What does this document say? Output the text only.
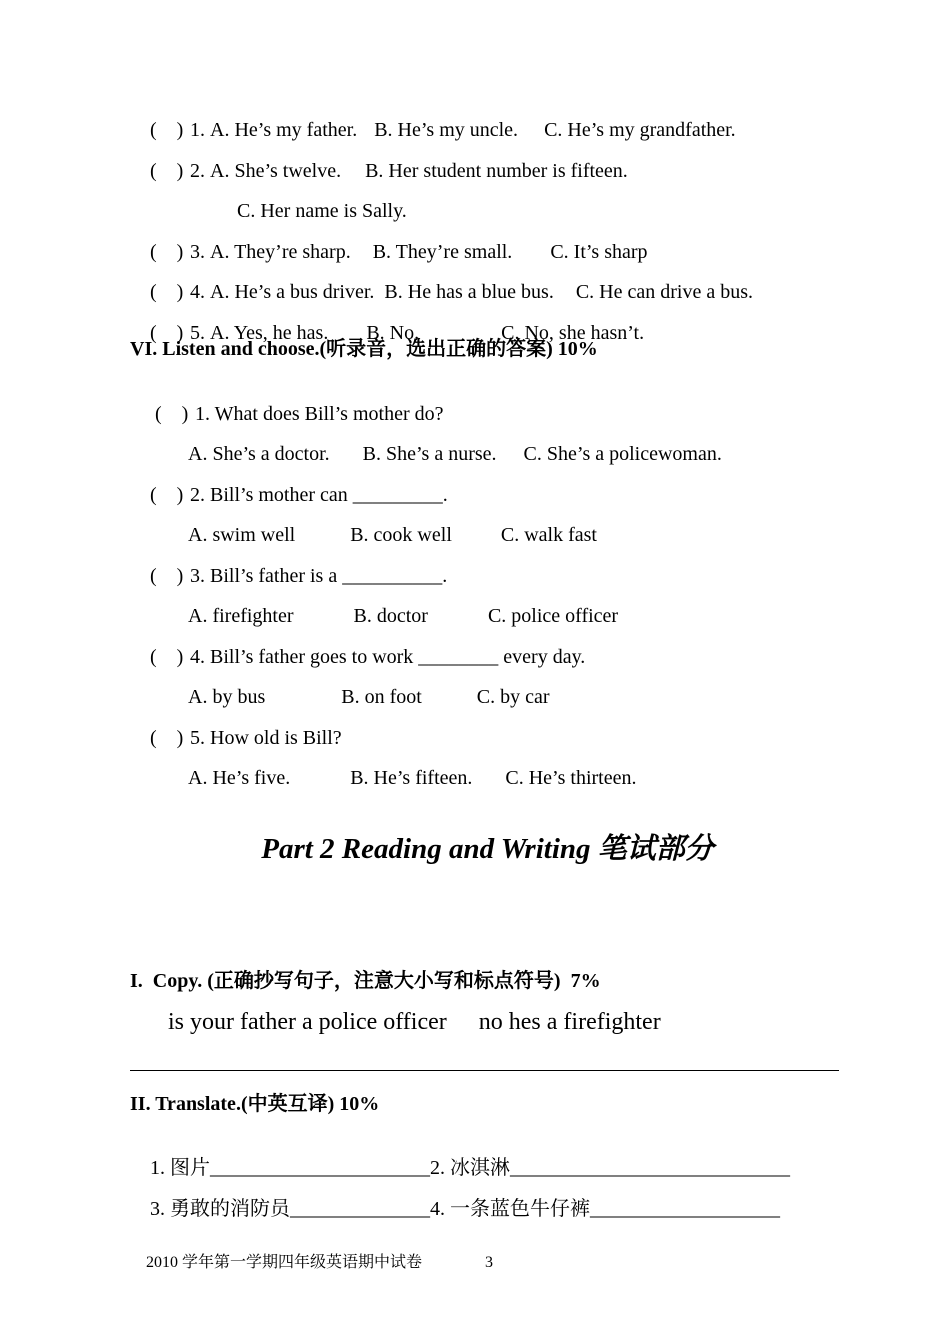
(    ) 1. A. He’s my father. B. He’s my uncle. C. He’s my grandfather.

(    ) 2. A. She’s twelve. B. Her student number is fifteen.

C. Her name is Sally.

(    ) 3. A. They’re sharp. B. They’re small. C. It’s sharp

(    ) 4. A. He’s a bus driver. B. He has a blue bus. C. He can drive a bus.

(    ) 5. A. Yes, he has. B. No.	C. No, she hasn’t.

VI. Listen and choose.(听录音，选出正确的答案) 10%

(    ) 1. What does Bill’s mother do?

A. She’s a doctor. B. She’s a nurse. C. She’s a policewoman.

(    ) 2. Bill’s mother can _________.

A. swim well	B. cook well C. walk fast

(    ) 3. Bill’s father is a __________.

A. firefighter	B. doctor	C. police officer

(    ) 4. Bill’s father goes to work ________ every day.

A. by bus	B. on foot	C. by car

(    ) 5. How old is Bill?

A. He’s five.	B. He’s fifteen. C. He’s thirteen.

Part 2 Reading and Writing 笔试部分
I.  Copy. (正确抄写句子，注意大小写和标点符号)  7%
is your father a police officer no hes a firefighter
II. Translate.(中英互译) 10%

1. 图片______________________2. 冰淇淋____________________________

3. 勇敢的消防员______________4. 一条蓝色牛仔裤___________________

2010 学年第一学期四年级英语期中试卷	3
